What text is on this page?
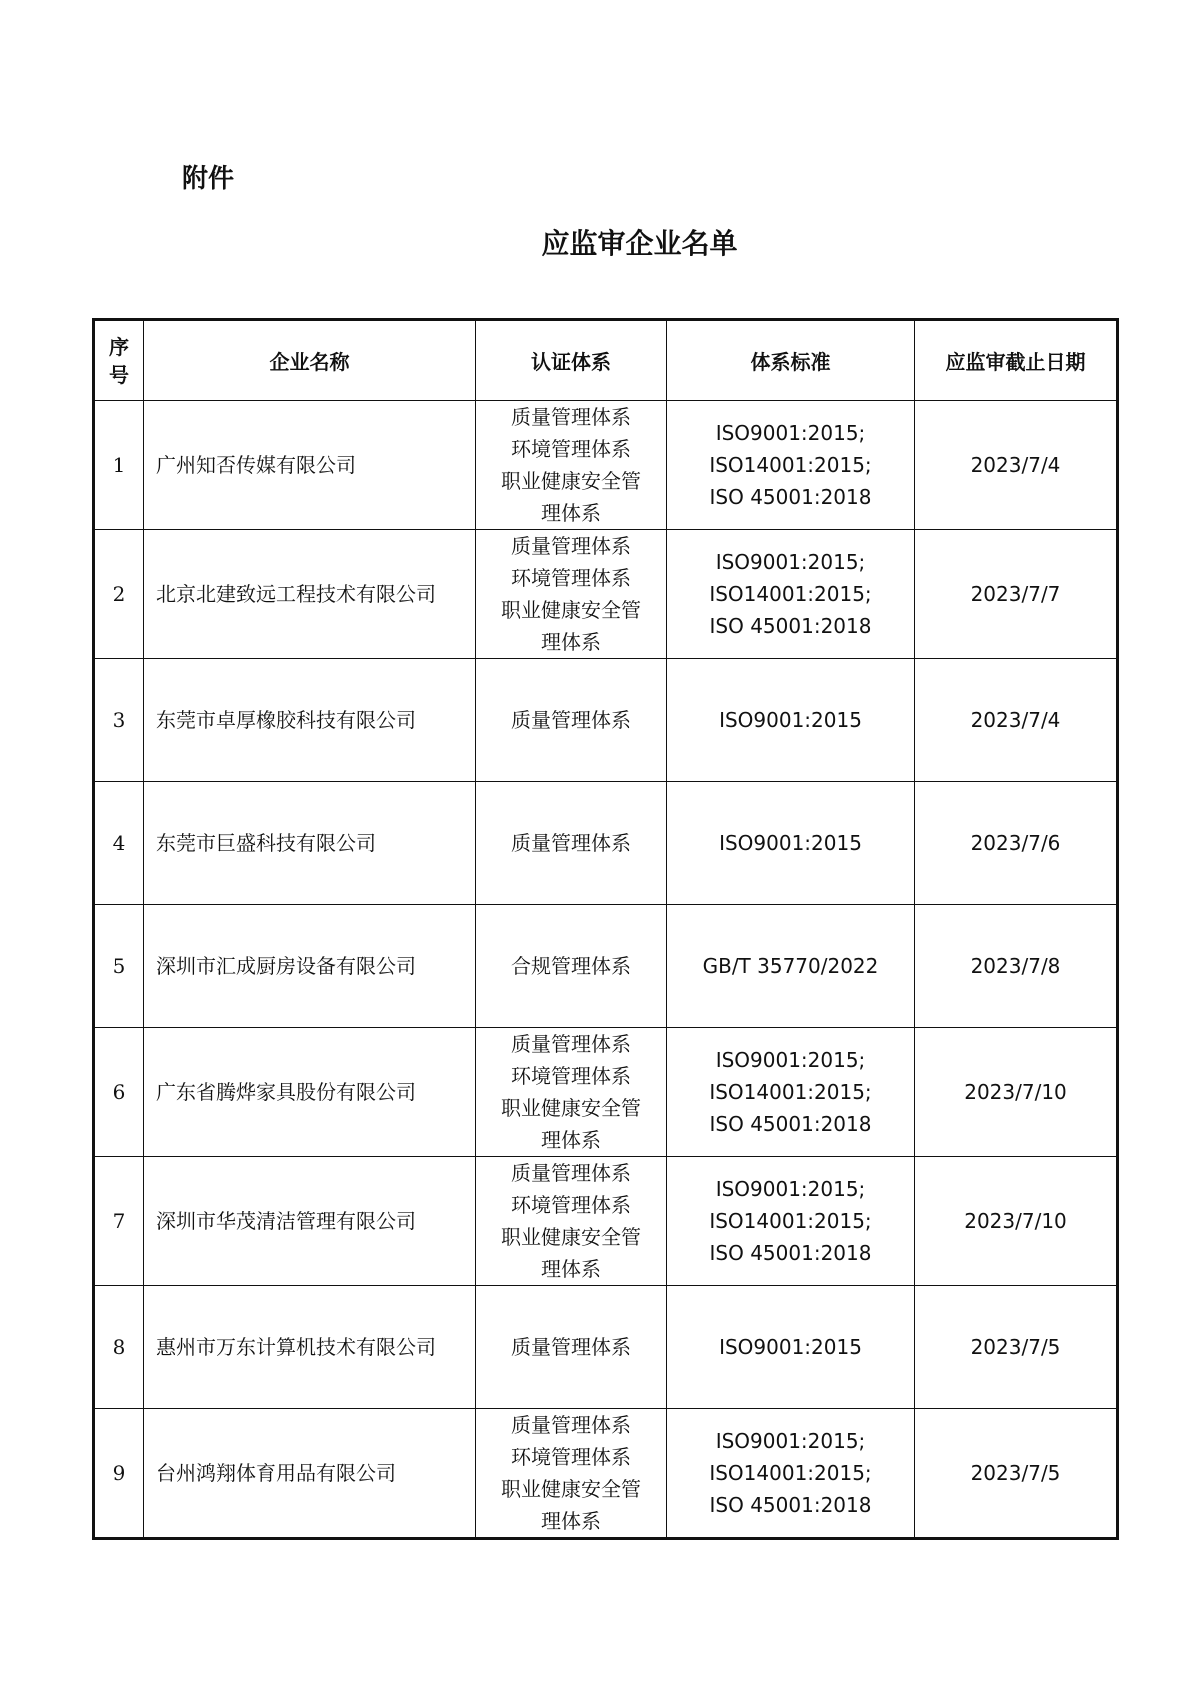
附件
应监审企业名单
序
号	企业名称	认证体系	体系标准	应监审截止日期
1	广州知否传媒有限公司	质量管理体系
环境管理体系
职业健康安全管
理体系	ISO9001:2015;
ISO14001:2015;
ISO 45001:2018	2023/7/4
2	北京北建致远工程技术有限公司	质量管理体系
环境管理体系
职业健康安全管
理体系	ISO9001:2015;
ISO14001:2015;
ISO 45001:2018	2023/7/7
3	东莞市卓厚橡胶科技有限公司	质量管理体系	ISO9001:2015	2023/7/4
4	东莞市巨盛科技有限公司	质量管理体系	ISO9001:2015	2023/7/6
5	深圳市汇成厨房设备有限公司	合规管理体系	GB/T 35770/2022	2023/7/8
6	广东省腾烨家具股份有限公司	质量管理体系
环境管理体系
职业健康安全管
理体系	ISO9001:2015;
ISO14001:2015;
ISO 45001:2018	2023/7/10
7	深圳市华茂清洁管理有限公司	质量管理体系
环境管理体系
职业健康安全管
理体系	ISO9001:2015;
ISO14001:2015;
ISO 45001:2018	2023/7/10
8	惠州市万东计算机技术有限公司	质量管理体系	ISO9001:2015	2023/7/5
9	台州鸿翔体育用品有限公司	质量管理体系
环境管理体系
职业健康安全管
理体系	ISO9001:2015;
ISO14001:2015;
ISO 45001:2018	2023/7/5
